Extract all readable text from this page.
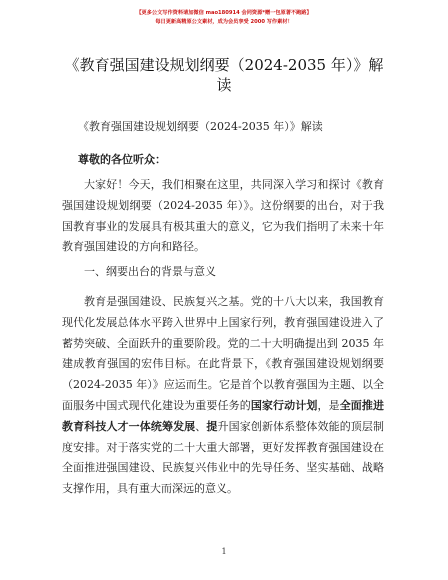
【更多公文写作资料请加微信 mao180914 会同资源*赠一包原著不跑路】
每日更新高精原公文素材，成为会员享受 2000 写作素材！
《教育强国建设规划纲要（2024-2035 年）》解读
《教育强国建设规划纲要（2024-2035 年）》解读
尊敬的各位听众：
大家好！今天，我们相聚在这里，共同深入学习和探讨《教育强国建设规划纲要（2024-2035 年）》。这份纲要的出台，对于我国教育事业的发展具有极其重大的意义，它为我们指明了未来十年教育强国建设的方向和路径。
一、纲要出台的背景与意义
教育是强国建设、民族复兴之基。党的十八大以来，我国教育现代化发展总体水平跨入世界中上国家行列，教育强国建设进入了蓄势突破、全面跃升的重要阶段。党的二十大明确提出到 2035 年建成教育强国的宏伟目标。在此背景下，《教育强国建设规划纲要（2024-2035 年）》应运而生。它是首个以教育强国为主题、以全面服务中国式现代化建设为重要任务的国家行动计划，是全面推进教育科技人才一体统筹发展、提升国家创新体系整体效能的顶层制度安排。对于落实党的二十大重大部署，更好发挥教育强国建设在全面推进强国建设、民族复兴伟业中的先导任务、坚实基础、战略支撑作用，具有重大而深远的意义。
1
